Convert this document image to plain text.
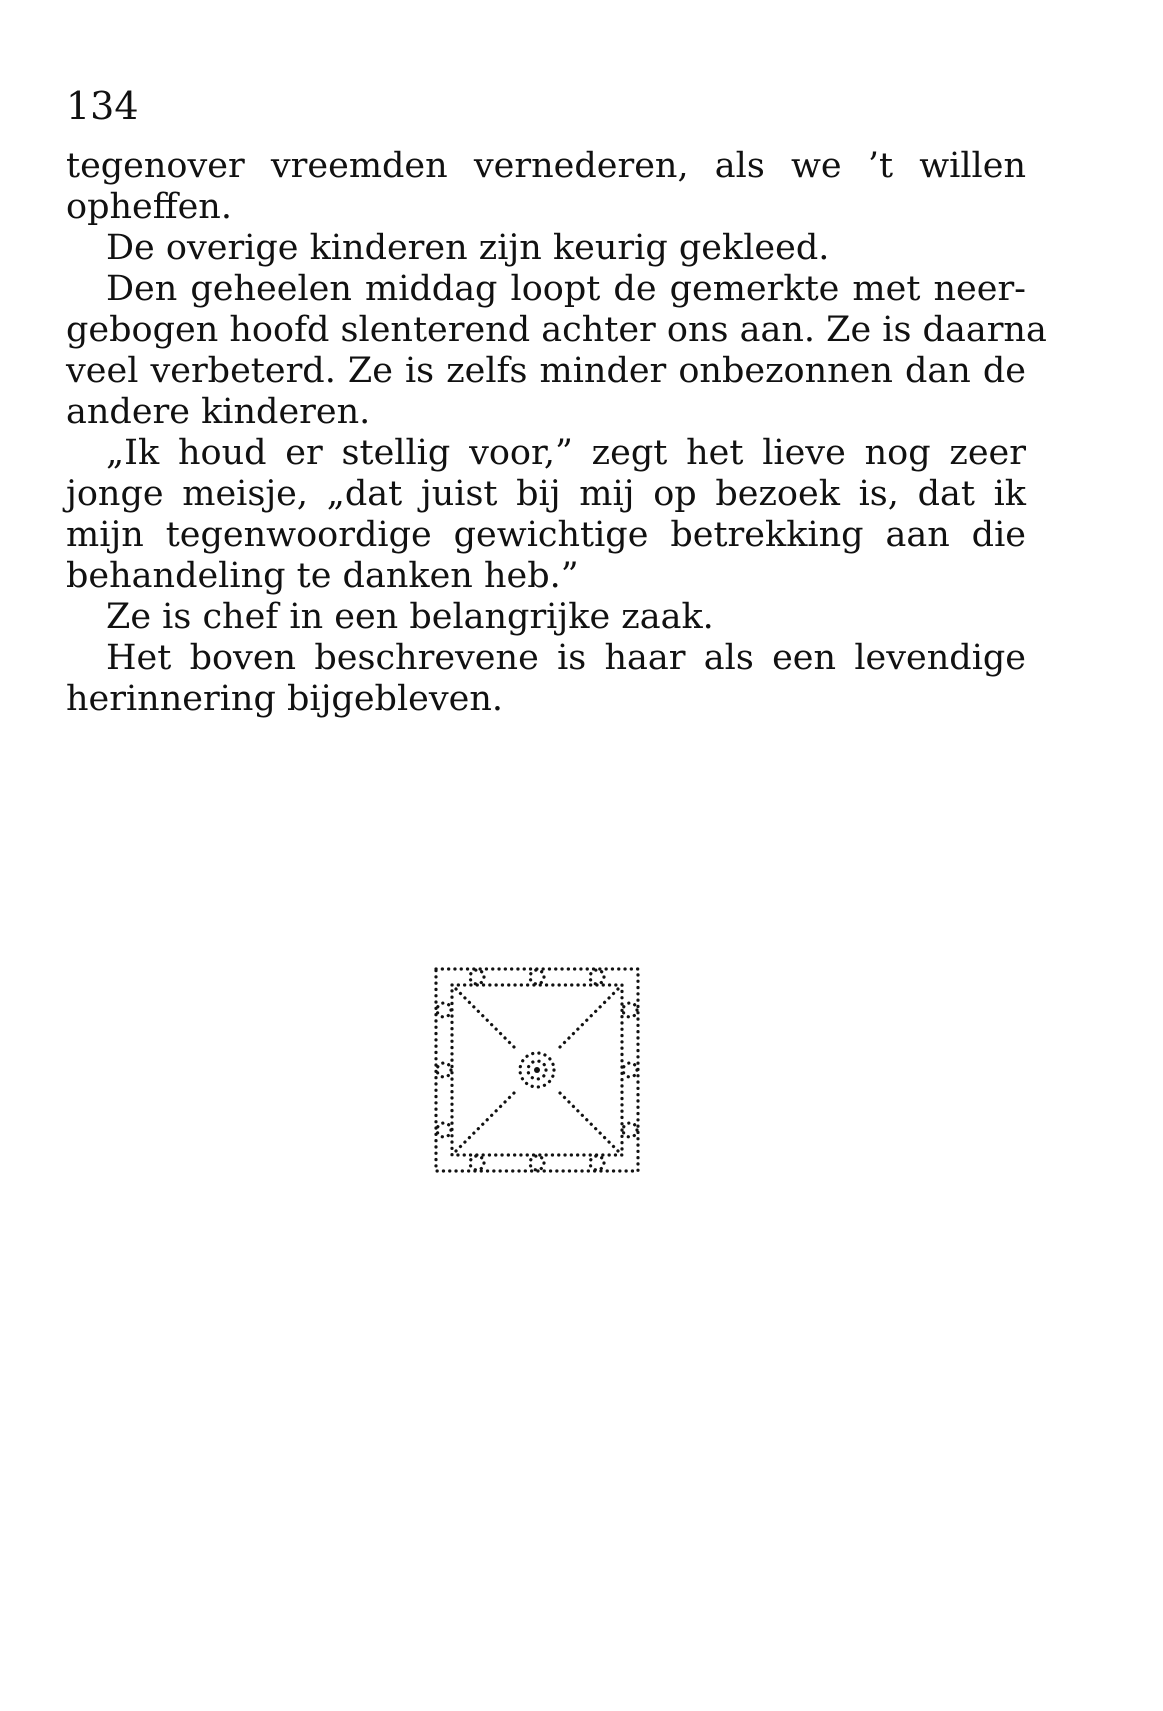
134
tegenover vreemden vernederen, als we ’t willen
opheffen.
De overige kinderen zijn keurig gekleed.
Den geheelen middag loopt de gemerkte met neer-
gebogen hoofd slenterend achter ons aan. Ze is daarna
veel verbeterd. Ze is zelfs minder onbezonnen dan de
andere kinderen.
„Ik houd er stellig voor,” zegt het lieve nog zeer
jonge meisje, „dat juist bij mij op bezoek is, dat ik
mijn tegenwoordige gewichtige betrekking aan die
behandeling te danken heb.”
Ze is chef in een belangrijke zaak.
Het boven beschrevene is haar als een levendige
herinnering bijgebleven.
